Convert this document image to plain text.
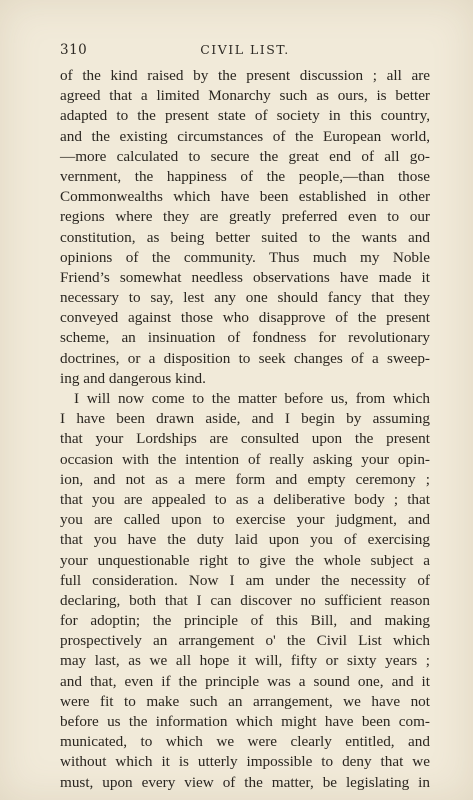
310	CIVIL LIST.
of the kind raised by the present discussion ; all are
agreed that a limited Monarchy such as ours, is better
adapted to the present state of society in this country,
and the existing circumstances of the European world,
—more calculated to secure the great end of all go-
vernment, the happiness of the people,—than those
Commonwealths which have been established in other
regions where they are greatly preferred even to our
constitution, as being better suited to the wants and
opinions of the community. Thus much my Noble
Friend’s somewhat needless observations have made it
necessary to say, lest any one should fancy that they
conveyed against those who disapprove of the present
scheme, an insinuation of fondness for revolutionary
doctrines, or a disposition to seek changes of a sweep-
ing and dangerous kind.
I will now come to the matter before us, from which
I have been drawn aside, and I begin by assuming
that your Lordships are consulted upon the present
occasion with the intention of really asking your opin-
ion, and not as a mere form and empty ceremony ;
that you are appealed to as a deliberative body ; that
you are called upon to exercise your judgment, and
that you have the duty laid upon you of exercising
your unquestionable right to give the whole subject a
full consideration. Now I am under the necessity of
declaring, both that I can discover no sufficient reason
for adoptin; the principle of this Bill, and making
prospectively an arrangement o' the Civil List which
may last, as we all hope it will, fifty or sixty years ;
and that, even if the principle was a sound one, and it
were fit to make such an arrangement, we have not
before us the information which might have been com-
municated, to which we were clearly entitled, and
without which it is utterly impossible to deny that we
must, upon every view of the matter, be legislating in
